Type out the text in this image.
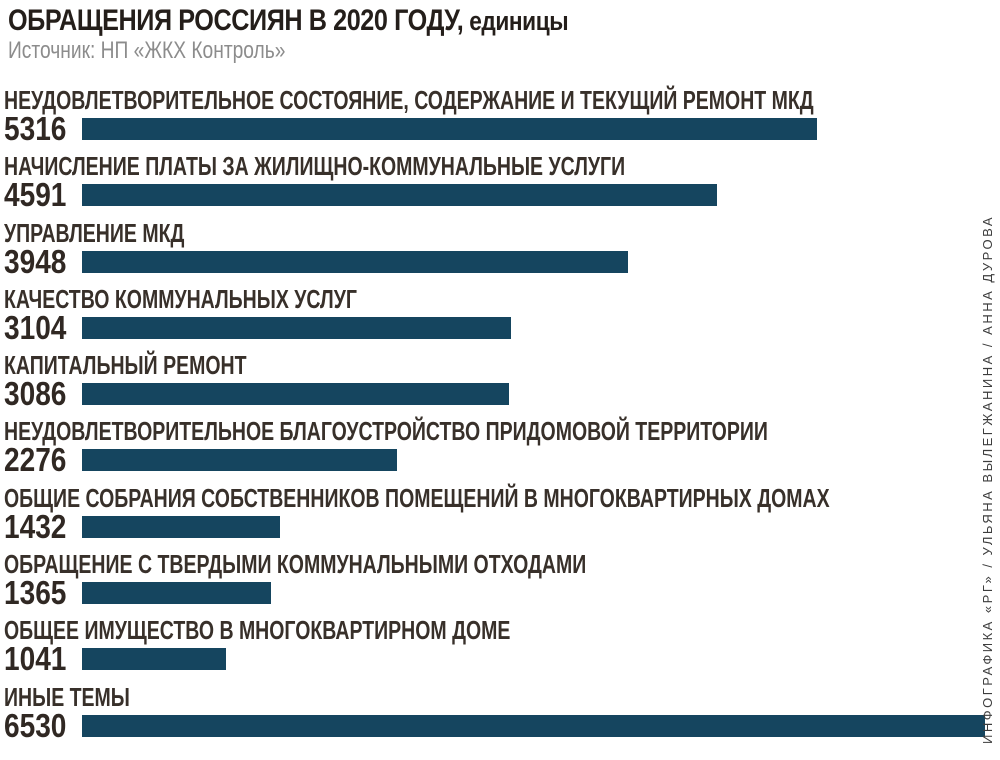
ОБРАЩЕНИЯ РОССИЯН В 2020 ГОДУ, единицы
Источник: НП «ЖКХ Контроль»
НЕУДОВЛЕТВОРИТЕЛЬНОЕ СОСТОЯНИЕ, СОДЕРЖАНИЕ И ТЕКУЩИЙ РЕМОНТ МКД
5316
НАЧИСЛЕНИЕ ПЛАТЫ ЗА ЖИЛИЩНО-КОММУНАЛЬНЫЕ УСЛУГИ
4591
УПРАВЛЕНИЕ МКД
3948
КАЧЕСТВО КОММУНАЛЬНЫХ УСЛУГ
3104
КАПИТАЛЬНЫЙ РЕМОНТ
3086
НЕУДОВЛЕТВОРИТЕЛЬНОЕ БЛАГОУСТРОЙСТВО ПРИДОМОВОЙ ТЕРРИТОРИИ
2276
ОБЩИЕ СОБРАНИЯ СОБСТВЕННИКОВ ПОМЕЩЕНИЙ В МНОГОКВАРТИРНЫХ ДОМАХ
1432
ОБРАЩЕНИЕ С ТВЕРДЫМИ КОММУНАЛЬНЫМИ ОТХОДАМИ
1365
ОБЩЕЕ ИМУЩЕСТВО В МНОГОКВАРТИРНОМ ДОМЕ
1041
ИНЫЕ ТЕМЫ
6530	ИНФОГРАФИКА «РГ» / УЛЬЯНА ВЫЛЕГЖАНИНА / АННА ДУРОВА
